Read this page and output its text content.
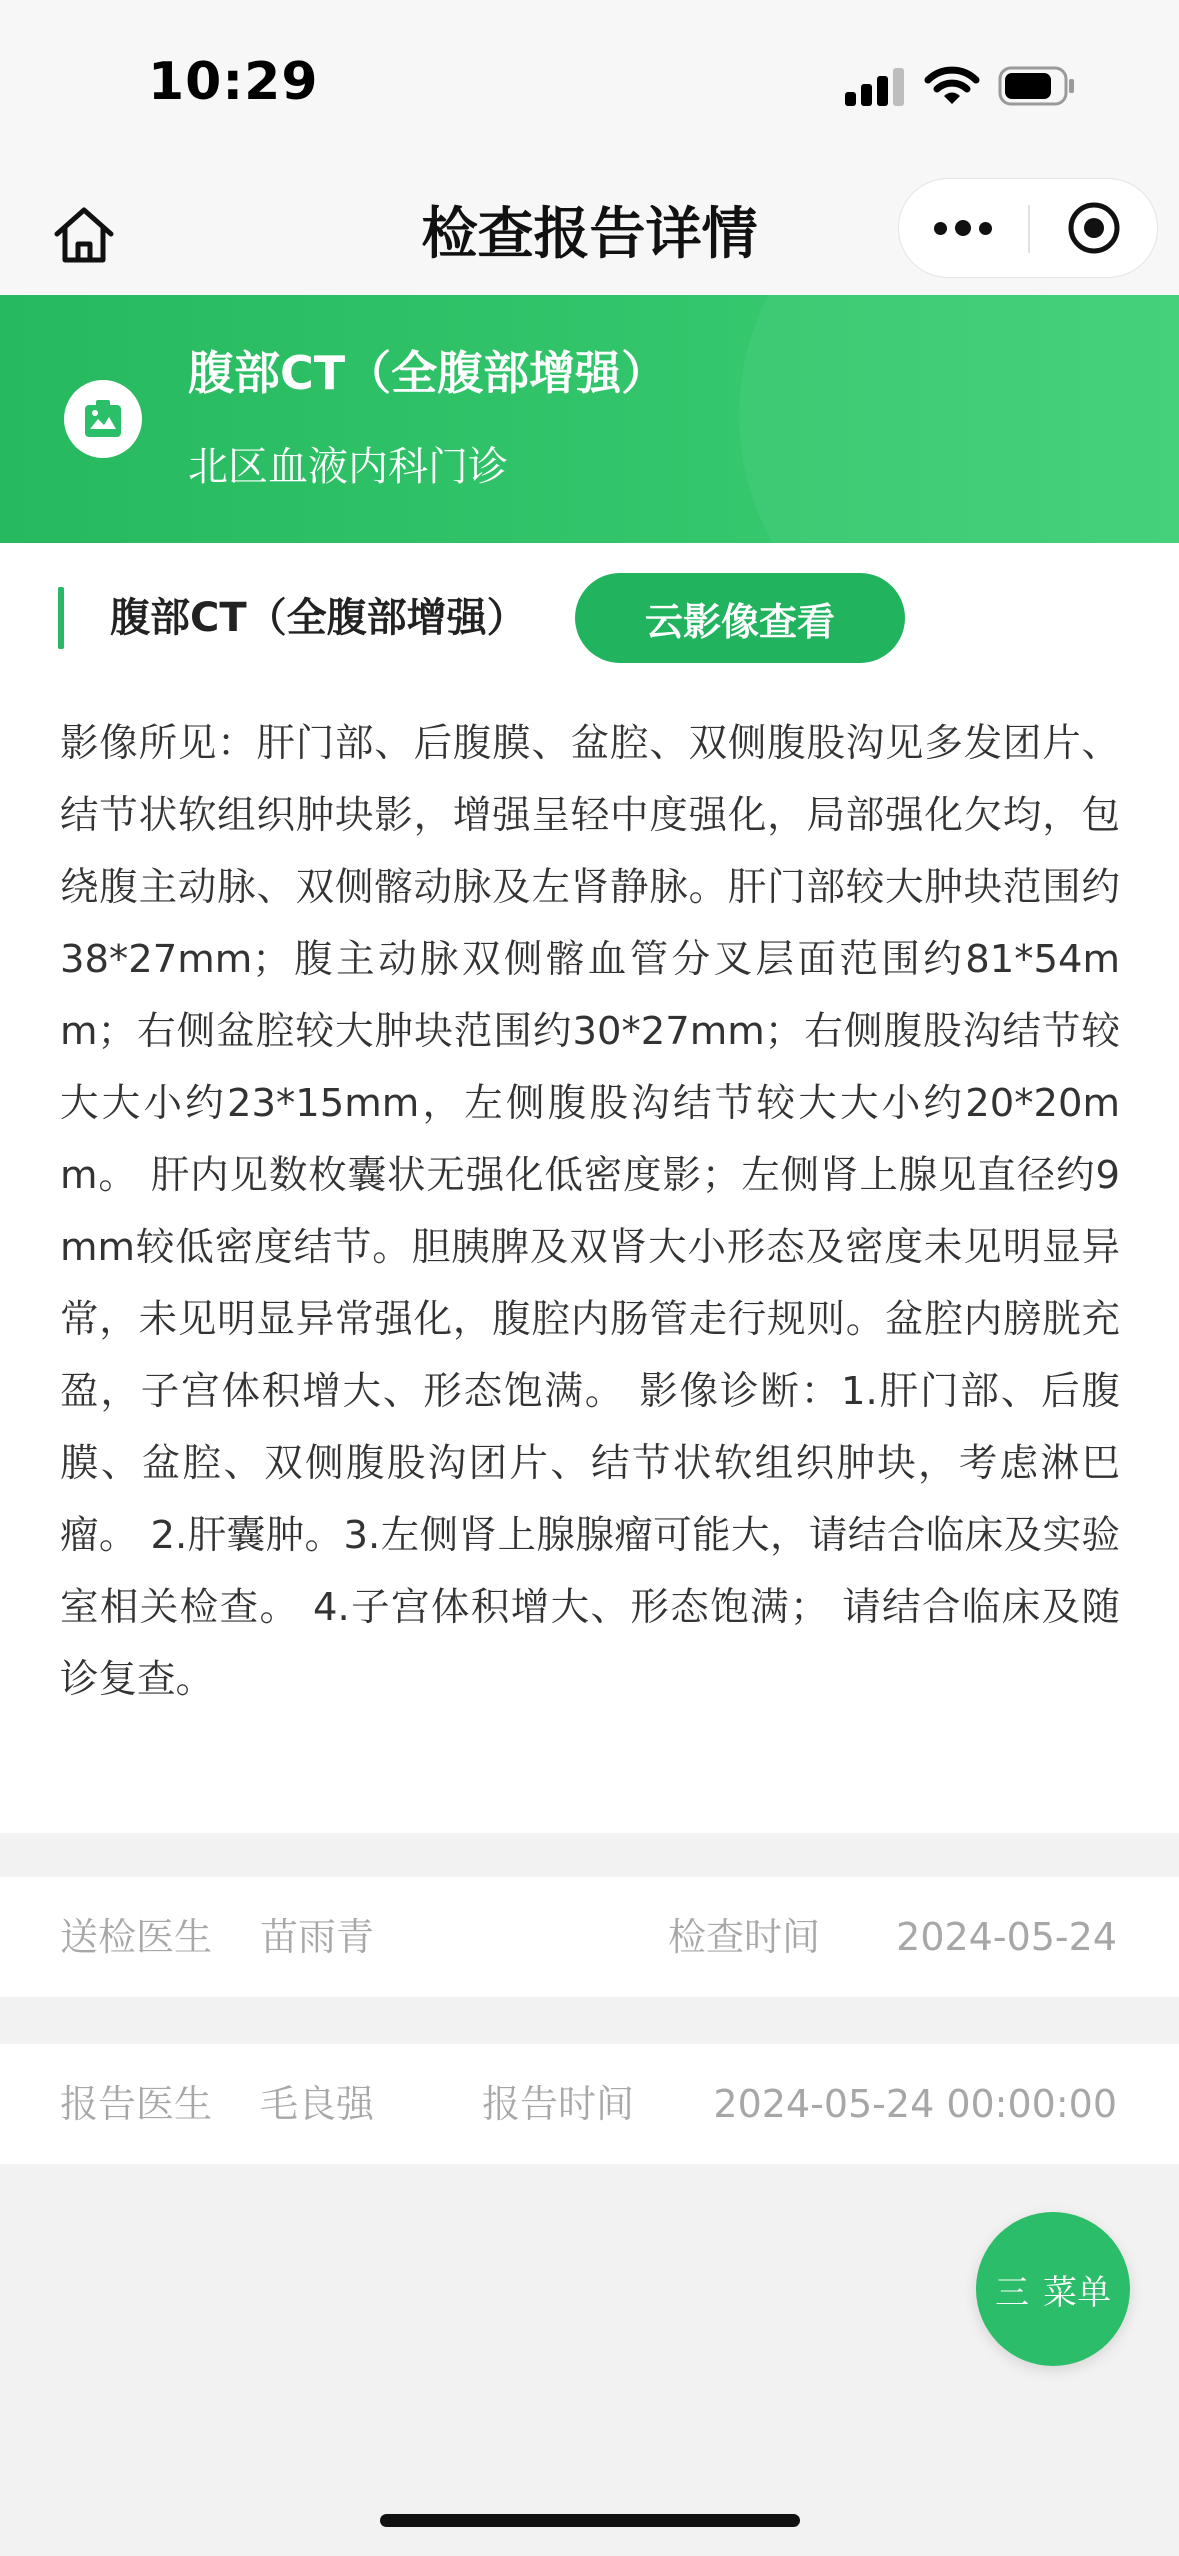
10:29
检查报告详情
腹部CT（全腹部增强）
北区血液内科门诊
腹部CT（全腹部增强）	云影像查看
影像所见：肝门部、后腹膜、盆腔、双侧腹股沟见多发团片、结节状软组织肿块影，增强呈轻中度强化，局部强化欠均，包绕腹主动脉、双侧髂动脉及左肾静脉。肝门部较大肿块范围约38*27mm；腹主动脉双侧髂血管分叉层面范围约81*54mm；右侧盆腔较大肿块范围约30*27mm；右侧腹股沟结节较大大小约23*15mm，左侧腹股沟结节较大大小约20*20mm。 肝内见数枚囊状无强化低密度影；左侧肾上腺见直径约9mm较低密度结节。胆胰脾及双肾大小形态及密度未见明显异常，未见明显异常强化，腹腔内肠管走行规则。盆腔内膀胱充盈，子宫体积增大、形态饱满。 影像诊断：1.肝门部、后腹膜、盆腔、双侧腹股沟团片、结节状软组织肿块，考虑淋巴瘤。 2.肝囊肿。3.左侧肾上腺腺瘤可能大，请结合临床及实验室相关检查。 4.子宫体积增大、形态饱满； 请结合临床及随诊复查。
送检医生 苗雨青	检查时间 2024-05-24
报告医生 毛良强	报告时间 2024-05-24 00:00:00
三 菜单
